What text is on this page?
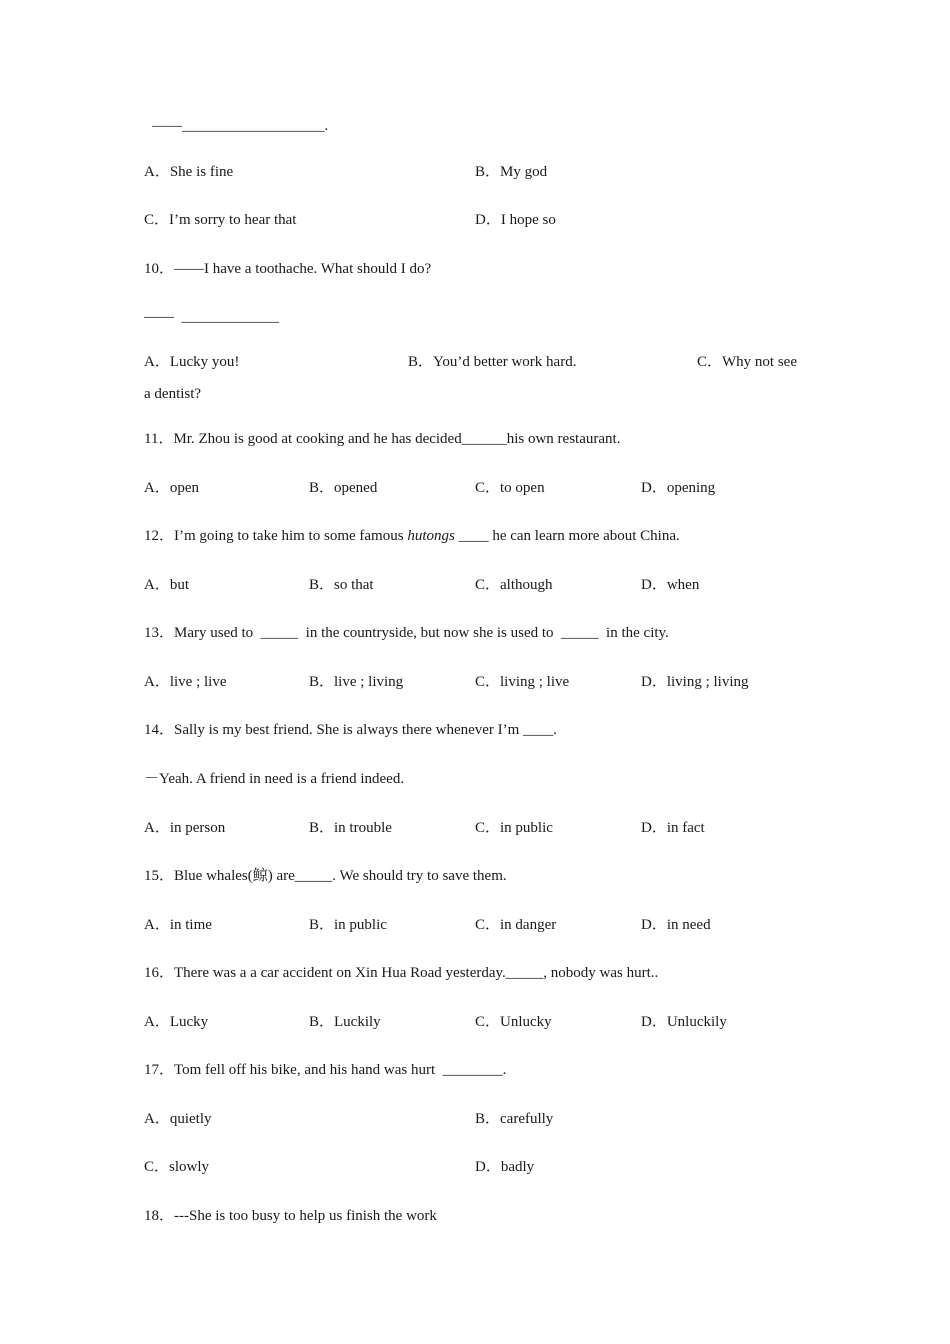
——___________________.
A．She is fine	B．My god
C．I’m sorry to hear that	D．I hope so
10．——I have a toothache. What should I do?
——  _____________
A．Lucky you!	B．You’d better work hard.	C．Why not see
a dentist?
11．Mr. Zhou is good at cooking and he has decided______his own restaurant.
A．open	B．opened	C．to open	D．opening
12．I’m going to take him to some famous hutongs ____ he can learn more about China.
A．but	B．so that	C．although	D．when
13．Mary used to  _____  in the countryside, but now she is used to  _____  in the city.
A．live ; live	B．live ; living	C．living ; live	D．living ; living
14．Sally is my best friend. She is always there whenever I’m ____.
－Yeah. A friend in need is a friend indeed.
A．in person	B．in trouble	C．in public	D．in fact
15．Blue whales(鲸) are_____. We should try to save them.
A．in time	B．in public	C．in danger	D．in need
16．There was a a car accident on Xin Hua Road yesterday._____, nobody was hurt..
A．Lucky	B．Luckily	C．Unlucky	D．Unluckily
17．Tom fell off his bike, and his hand was hurt  ________.
A．quietly	B．carefully
C．slowly	D．badly
18．---She is too busy to help us finish the work
